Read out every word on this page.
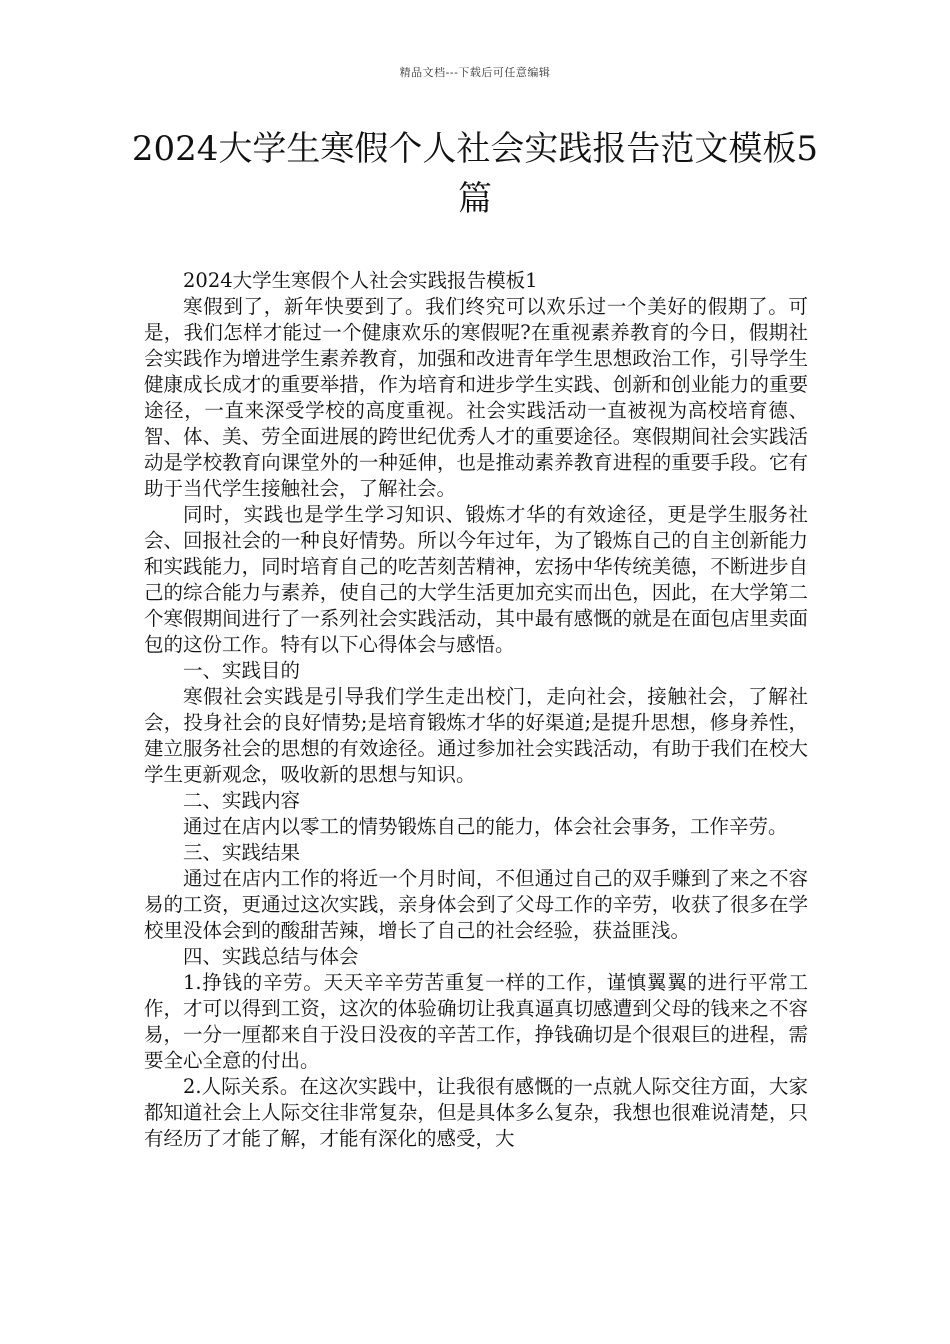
精品文档---下载后可任意编辑
2024大学生寒假个人社会实践报告范文模板5篇

2024大学生寒假个人社会实践报告模板1

寒假到了，新年快要到了。我们终究可以欢乐过一个美好的假期了。可是，我们怎样才能过一个健康欢乐的寒假呢?在重视素养教育的今日，假期社会实践作为增进学生素养教育，加强和改进青年学生思想政治工作，引导学生健康成长成才的重要举措，作为培育和进步学生实践、创新和创业能力的重要途径，一直来深受学校的高度重视。社会实践活动一直被视为高校培育德、智、体、美、劳全面进展的跨世纪优秀人才的重要途径。寒假期间社会实践活动是学校教育向课堂外的一种延伸，也是推动素养教育进程的重要手段。它有助于当代学生接触社会，了解社会。

同时，实践也是学生学习知识、锻炼才华的有效途径，更是学生服务社会、回报社会的一种良好情势。所以今年过年，为了锻炼自己的自主创新能力和实践能力，同时培育自己的吃苦刻苦精神，宏扬中华传统美德，不断进步自己的综合能力与素养，使自己的大学生活更加充实而出色，因此，在大学第二个寒假期间进行了一系列社会实践活动，其中最有感慨的就是在面包店里卖面包的这份工作。特有以下心得体会与感悟。

一、实践目的

寒假社会实践是引导我们学生走出校门，走向社会，接触社会，了解社会，投身社会的良好情势;是培育锻炼才华的好渠道;是提升思想，修身养性，建立服务社会的思想的有效途径。通过参加社会实践活动，有助于我们在校大学生更新观念，吸收新的思想与知识。

二、实践内容

通过在店内以零工的情势锻炼自己的能力，体会社会事务，工作辛劳。

三、实践结果

通过在店内工作的将近一个月时间，不但通过自己的双手赚到了来之不容易的工资，更通过这次实践，亲身体会到了父母工作的辛劳，收获了很多在学校里没体会到的酸甜苦辣，增长了自己的社会经验，获益匪浅。

四、实践总结与体会

1.挣钱的辛劳。天天辛辛劳苦重复一样的工作，谨慎翼翼的进行平常工作，才可以得到工资，这次的体验确切让我真逼真切感遭到父母的钱来之不容易，一分一厘都来自于没日没夜的辛苦工作，挣钱确切是个很艰巨的进程，需要全心全意的付出。

2.人际关系。在这次实践中，让我很有感慨的一点就人际交往方面，大家都知道社会上人际交往非常复杂，但是具体多么复杂，我想也很难说清楚，只有经历了才能了解，才能有深化的感受，大
